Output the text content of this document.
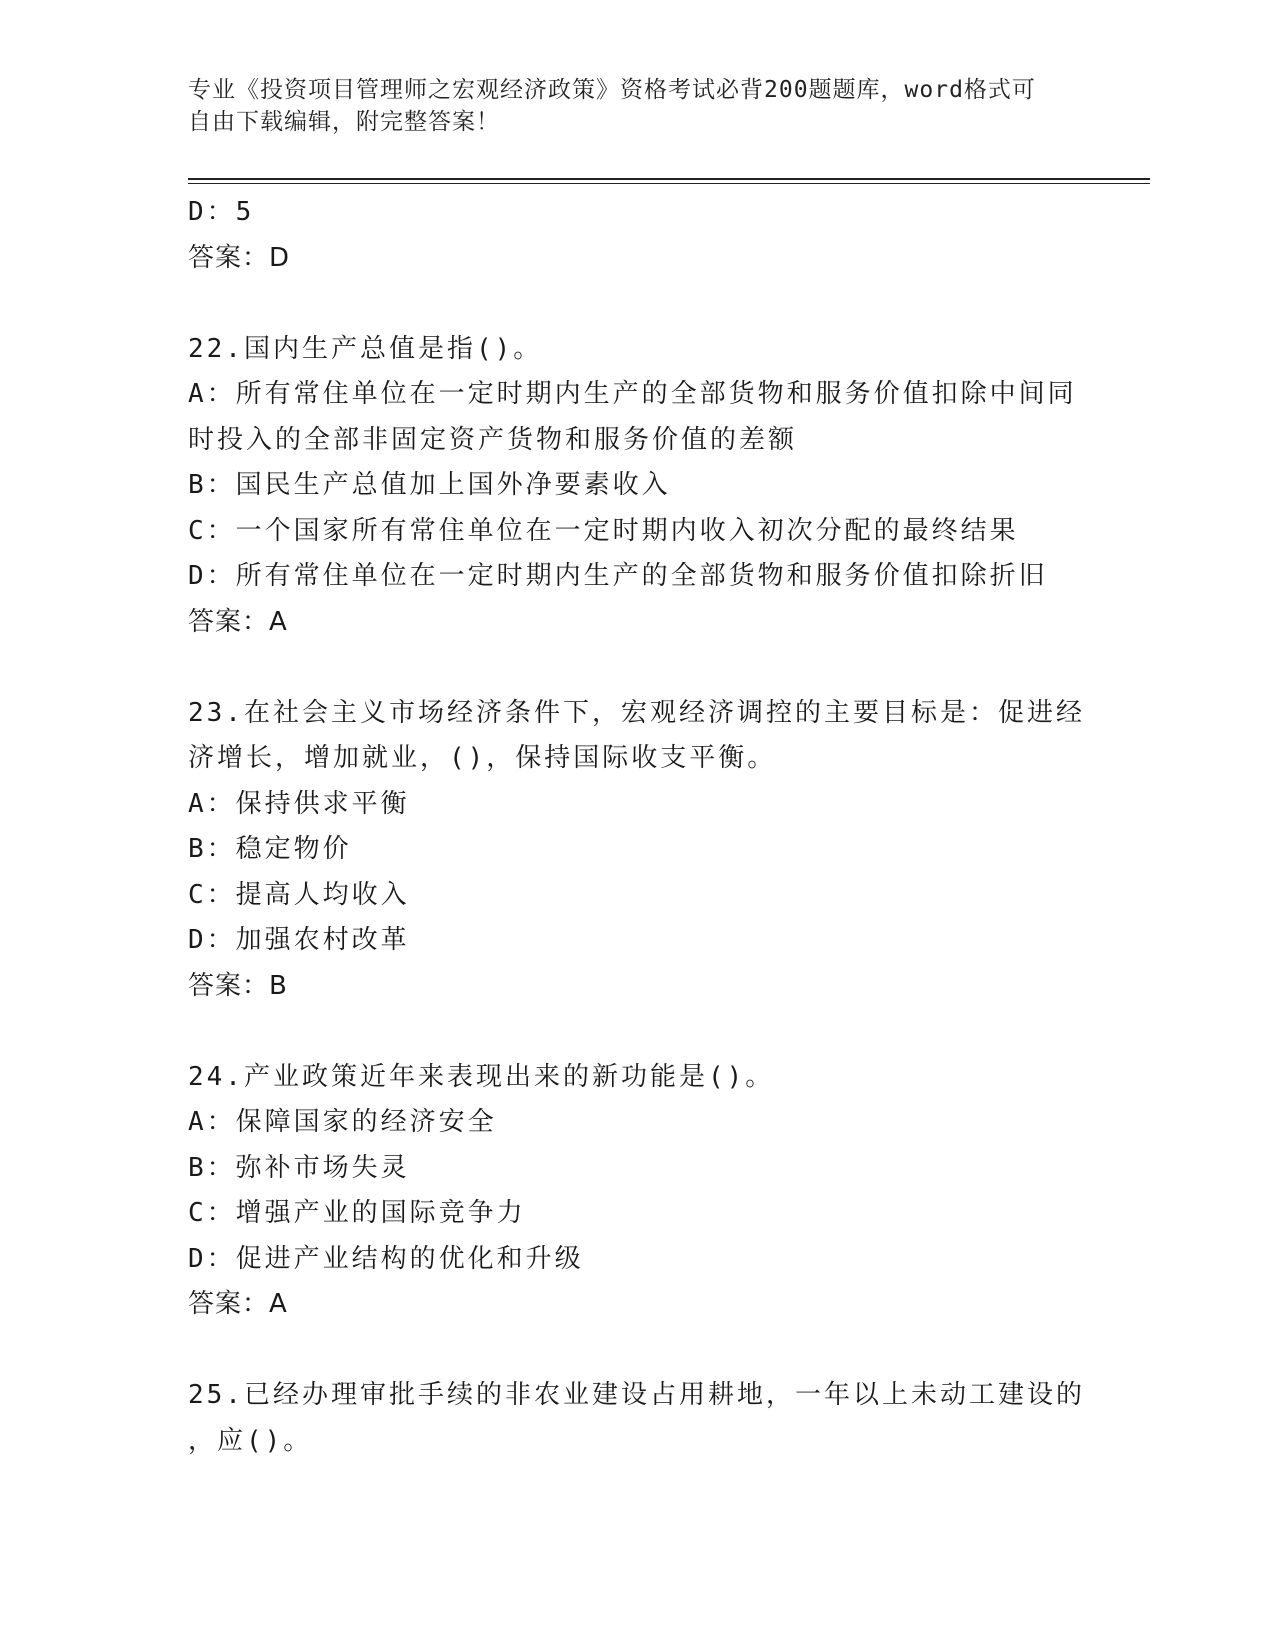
专业《投资项目管理师之宏观经济政策》资格考试必背200题题库，word格式可
自由下载编辑，附完整答案！
D：5
答案：D
22.国内生产总值是指()。
A：所有常住单位在一定时期内生产的全部货物和服务价值扣除中间同
时投入的全部非固定资产货物和服务价值的差额
B：国民生产总值加上国外净要素收入
C：一个国家所有常住单位在一定时期内收入初次分配的最终结果
D：所有常住单位在一定时期内生产的全部货物和服务价值扣除折旧
答案：A
23.在社会主义市场经济条件下，宏观经济调控的主要目标是：促进经
济增长，增加就业，()，保持国际收支平衡。
A：保持供求平衡
B：稳定物价
C：提高人均收入
D：加强农村改革
答案：B
24.产业政策近年来表现出来的新功能是()。
A：保障国家的经济安全
B：弥补市场失灵
C：增强产业的国际竞争力
D：促进产业结构的优化和升级
答案：A
25.已经办理审批手续的非农业建设占用耕地，一年以上未动工建设的
，应()。
